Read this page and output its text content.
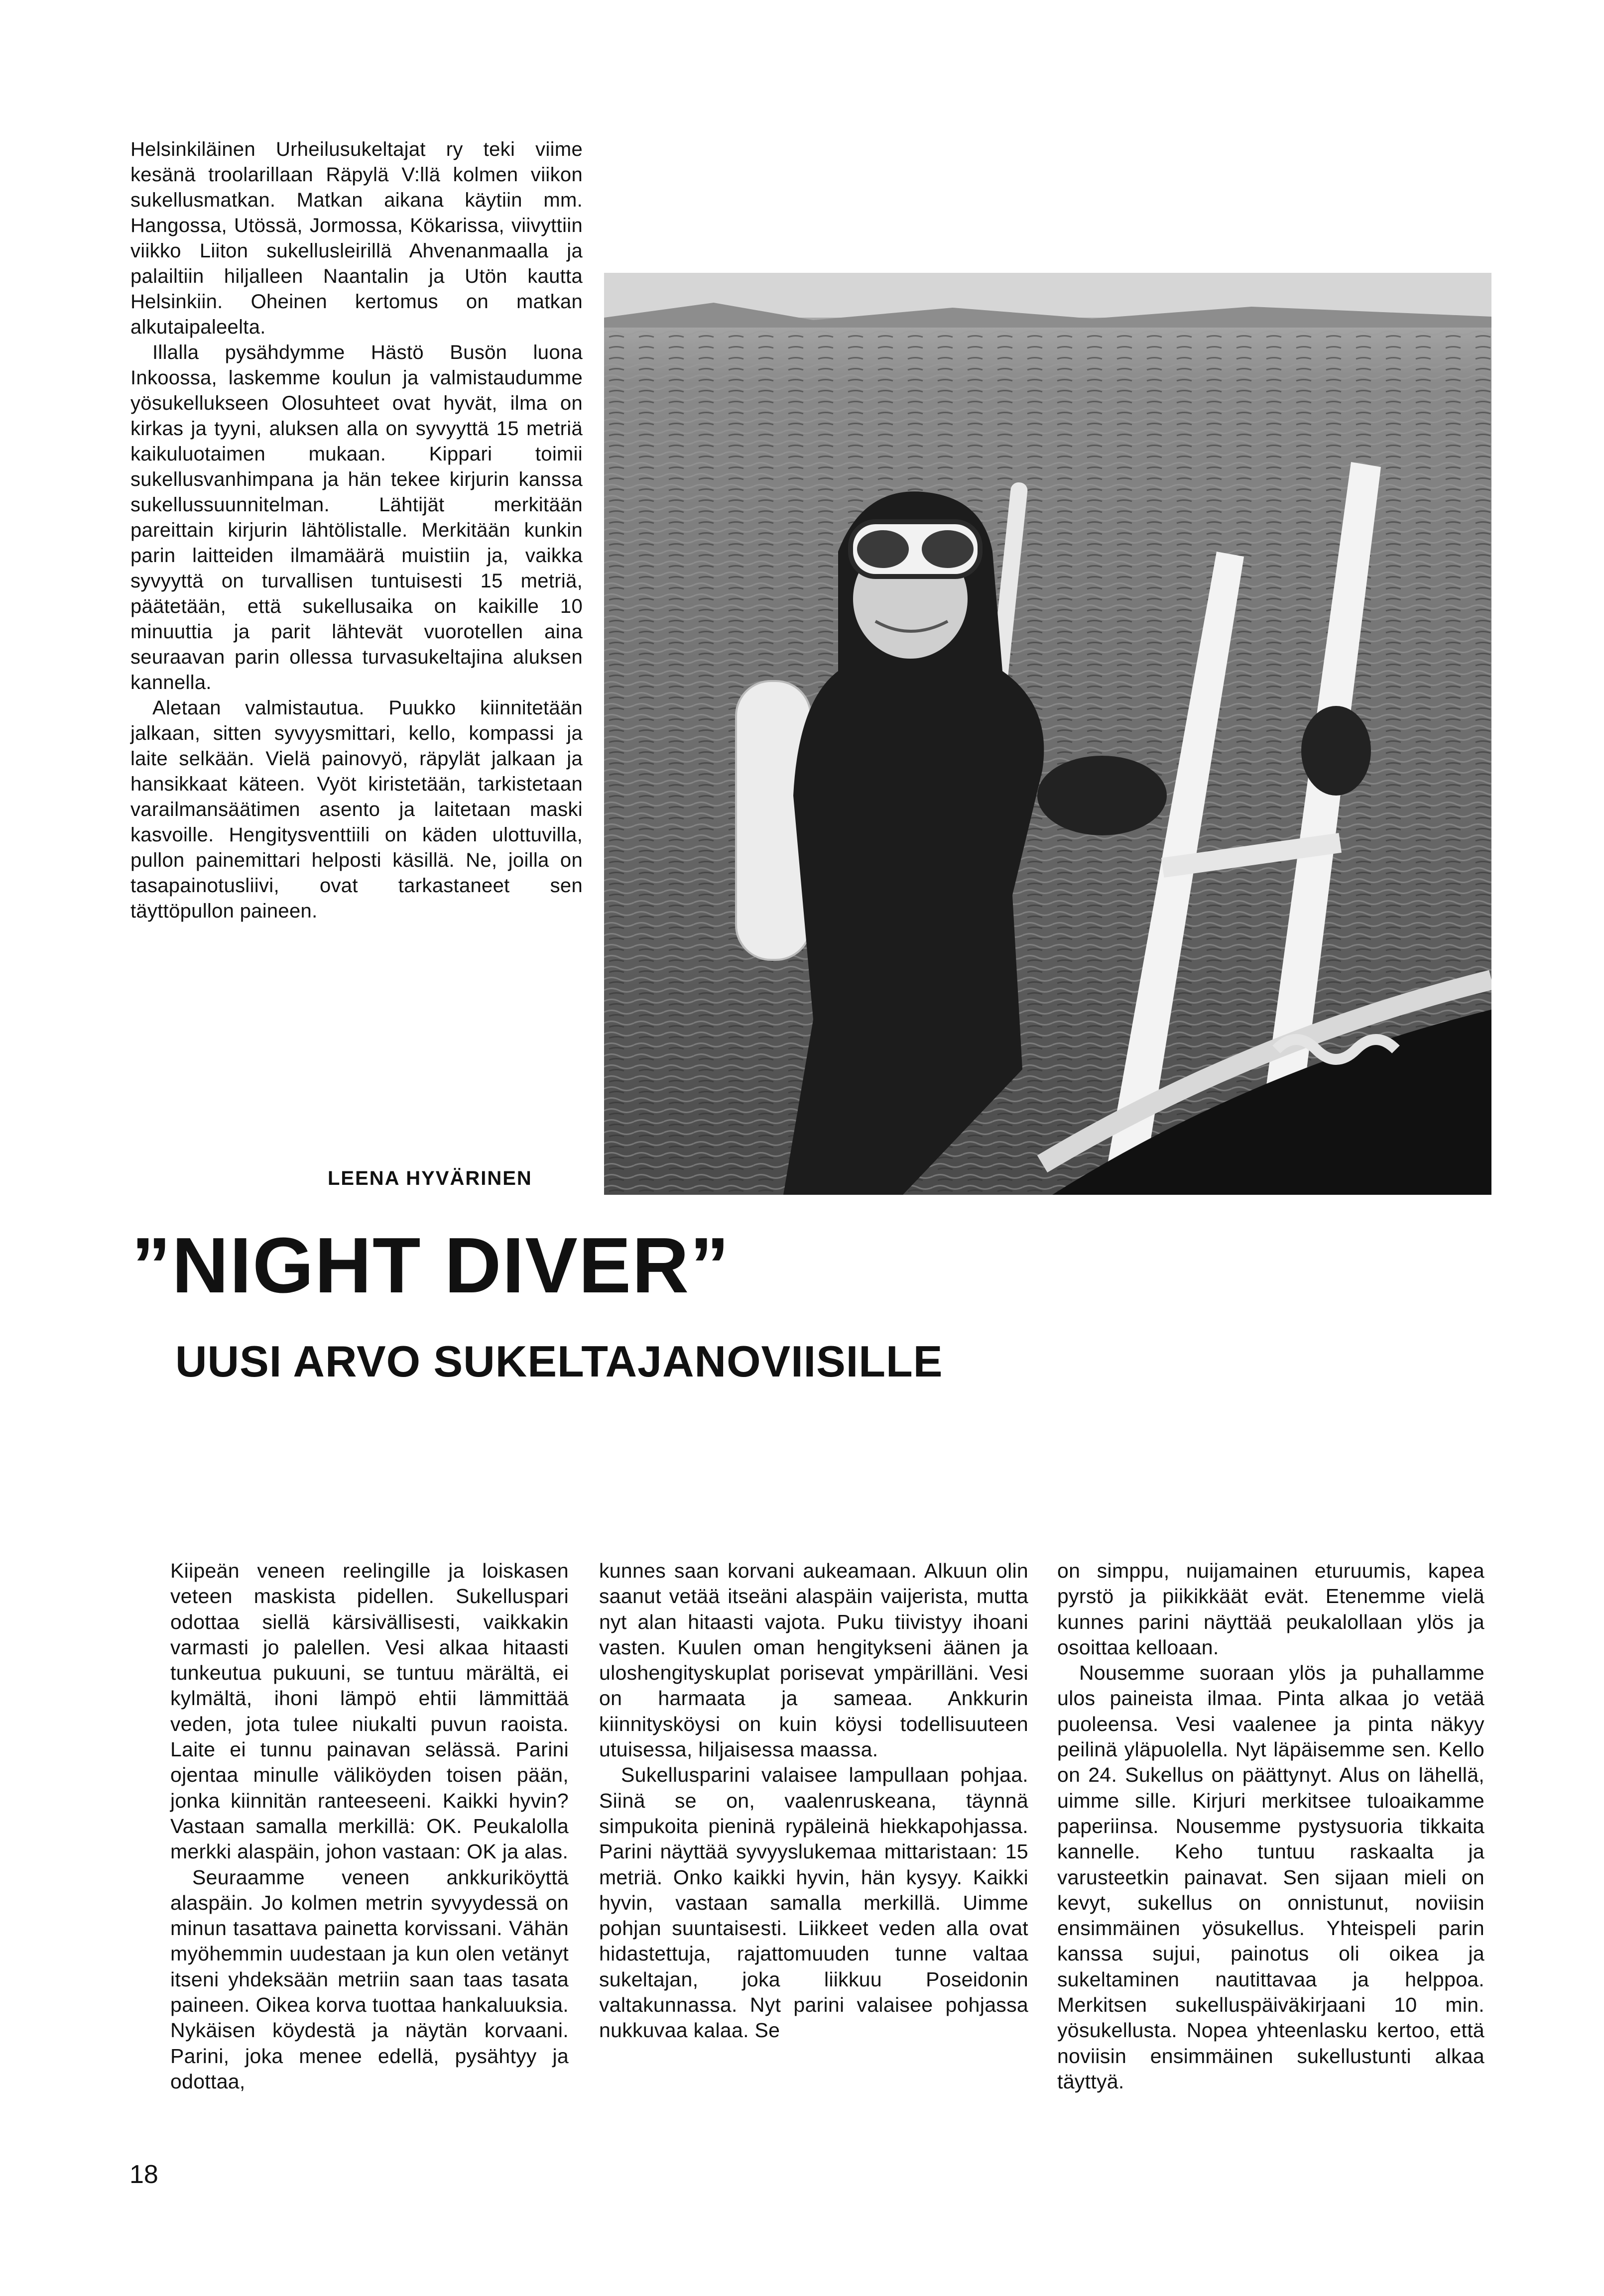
Helsinkiläinen Urheilusukeltajat ry teki viime kesänä troolarillaan Räpylä V:llä kolmen viikon sukellusmatkan. Matkan aikana käytiin mm. Hangossa, Utössä, Jormossa, Kökarissa, viivyttiin viikko Liiton sukellusleirillä Ahvenanmaalla ja palailtiin hiljalleen Naantalin ja Utön kautta Helsinkiin. Oheinen kertomus on matkan alkutaipaleelta.

Illalla pysähdymme Hästö Busön luona Inkoossa, laskemme koulun ja valmistaudumme yösukellukseen Olosuhteet ovat hyvät, ilma on kirkas ja tyyni, aluksen alla on syvyyttä 15 metriä kaikuluotaimen mukaan. Kippari toimii sukellusvanhimpana ja hän tekee kirjurin kanssa sukellussuunnitelman. Lähtijät merkitään pareittain kirjurin lähtölistalle. Merkitään kunkin parin laitteiden ilmamäärä muistiin ja, vaikka syvyyttä on turvallisen tuntuisesti 15 metriä, päätetään, että sukellusaika on kaikille 10 minuuttia ja parit lähtevät vuorotellen aina seuraavan parin ollessa turvasukeltajina aluksen kannella.

Aletaan valmistautua. Puukko kiinnitetään jalkaan, sitten syvyysmittari, kello, kompassi ja laite selkään. Vielä painovyö, räpylät jalkaan ja hansikkaat käteen. Vyöt kiristetään, tarkistetaan varailmansäätimen asento ja laitetaan maski kasvoille. Hengitysventtiili on käden ulottuvilla, pullon painemittari helposti käsillä. Ne, joilla on tasapainotusliivi, ovat tarkastaneet sen täyttöpullon paineen.

LEENA HYVÄRINEN
”NIGHT DIVER”
UUSI ARVO SUKELTAJANOVIISILLE

Kiipeän veneen reelingille ja loiskasen veteen maskista pidellen. Sukelluspari odottaa siellä kärsivällisesti, vaikkakin varmasti jo palellen. Vesi alkaa hitaasti tunkeutua pukuuni, se tuntuu märältä, ei kylmältä, ihoni lämpö ehtii lämmittää veden, jota tulee niukalti puvun raoista. Laite ei tunnu painavan selässä. Parini ojentaa minulle väliköyden toisen pään, jonka kiinnitän ranteeseeni. Kaikki hyvin? Vastaan samalla merkillä: OK. Peukalolla merkki alaspäin, johon vastaan: OK ja alas.

Seuraamme veneen ankkuriköyttä alaspäin. Jo kolmen metrin syvyydessä on minun tasattava painetta korvissani. Vähän myöhemmin uudestaan ja kun olen vetänyt itseni yhdeksään metriin saan taas tasata paineen. Oikea korva tuottaa hankaluuksia. Nykäisen köydestä ja näytän korvaani. Parini, joka menee edellä, pysähtyy ja odottaa,

kunnes saan korvani aukeamaan. Alkuun olin saanut vetää itseäni alaspäin vaijerista, mutta nyt alan hitaasti vajota. Puku tiivistyy ihoani vasten. Kuulen oman hengitykseni äänen ja uloshengityskuplat porisevat ympärilläni. Vesi on harmaata ja sameaa. Ankkurin kiinnitysköysi on kuin köysi todellisuuteen utuisessa, hiljaisessa maassa.

Sukellusparini valaisee lampullaan pohjaa. Siinä se on, vaalenruskeana, täynnä simpukoita pieninä rypäleinä hiekkapohjassa. Parini näyttää syvyyslukemaa mittaristaan: 15 metriä. Onko kaikki hyvin, hän kysyy. Kaikki hyvin, vastaan samalla merkillä. Uimme pohjan suuntaisesti. Liikkeet veden alla ovat hidastettuja, rajattomuuden tunne valtaa sukeltajan, joka liikkuu Poseidonin valtakunnassa. Nyt parini valaisee pohjassa nukkuvaa kalaa. Se

on simppu, nuijamainen eturuumis, kapea pyrstö ja piikikkäät evät. Etenemme vielä kunnes parini näyttää peukalollaan ylös ja osoittaa kelloaan.

Nousemme suoraan ylös ja puhallamme ulos paineista ilmaa. Pinta alkaa jo vetää puoleensa. Vesi vaalenee ja pinta näkyy peilinä yläpuolella. Nyt läpäisemme sen. Kello on 24. Sukellus on päättynyt. Alus on lähellä, uimme sille. Kirjuri merkitsee tuloaikamme paperiinsa. Nousemme pystysuoria tikkaita kannelle. Keho tuntuu raskaalta ja varusteetkin painavat. Sen sijaan mieli on kevyt, sukellus on onnistunut, noviisin ensimmäinen yösukellus. Yhteispeli parin kanssa sujui, painotus oli oikea ja sukeltaminen nautittavaa ja helppoa. Merkitsen sukelluspäiväkirjaani 10 min. yösukellusta. Nopea yhteenlasku kertoo, että noviisin ensimmäinen sukellustunti alkaa täyttyä.

18
